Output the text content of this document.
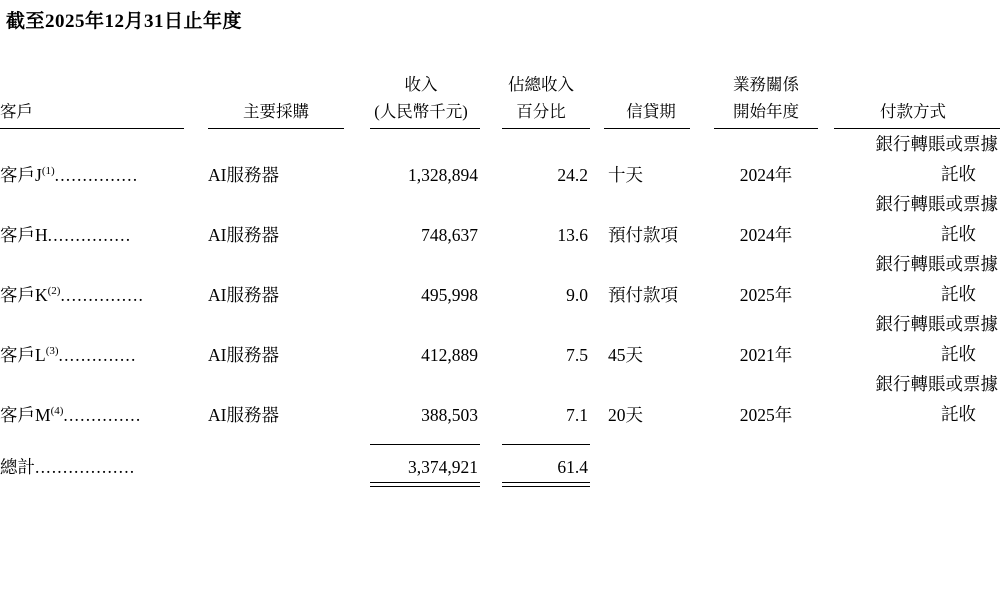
截至2025年12月31日止年度
		收入	佔總收入		業務關係	
客戶	主要採購	(人民幣千元)	百分比	信貸期	開始年度	付款方式

客戶$J^{(1)}$...............	AI服務器	1,328,894	24.2	十天	2024年	銀行轉賬或票據
託收

客戶H...............	AI服務器	748,637	13.6	預付款項	2024年	銀行轉賬或票據
託收

客戶$K^{(2)}$...............	AI服務器	495,998	9.0	預付款項	2025年	銀行轉賬或票據
託收

客戶$L^{(3)}$..............	AI服務器	412,889	7.5	45天	2021年	銀行轉賬或票據
託收

客戶$M^{(4)}$..............	AI服務器	388,503	7.1	20天	2025年	銀行轉賬或票據
託收

總計..................		3,374,921	61.4			
